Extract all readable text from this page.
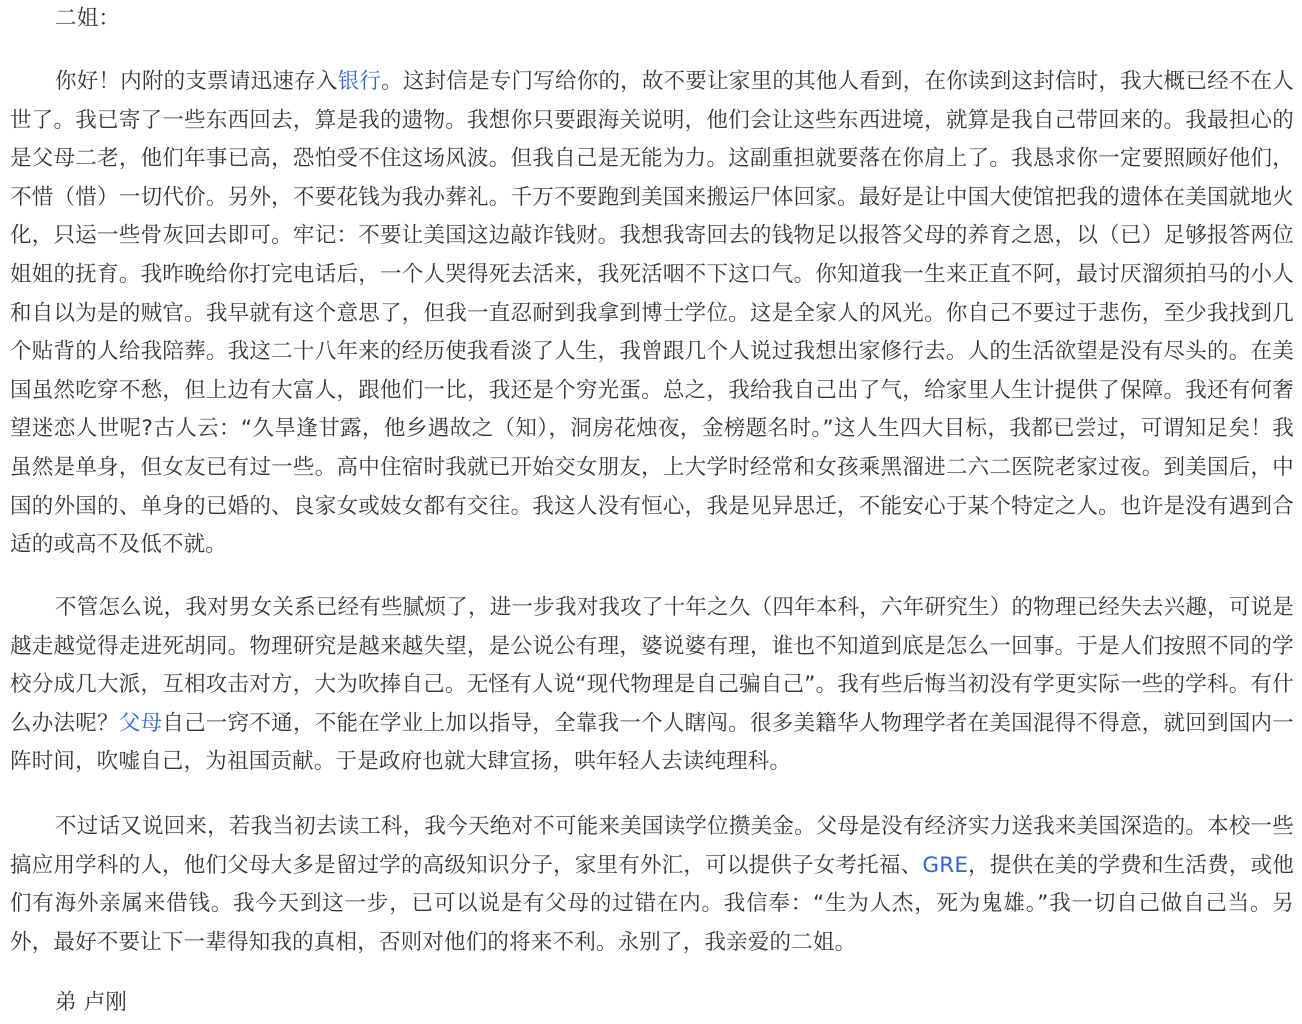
二姐：

你好！内附的支票请迅速存入银行。这封信是专门写给你的，故不要让家里的其他人看到，在你读到这封信时，我大概已经不在人世了。我已寄了一些东西回去，算是我的遗物。我想你只要跟海关说明，他们会让这些东西进境，就算是我自己带回来的。我最担心的是父母二老，他们年事已高，恐怕受不住这场风波。但我自己是无能为力。这副重担就要落在你肩上了。我恳求你一定要照顾好他们，不惜（惜）一切代价。另外，不要花钱为我办葬礼。千万不要跑到美国来搬运尸体回家。最好是让中国大使馆把我的遗体在美国就地火化，只运一些骨灰回去即可。牢记：不要让美国这边敲诈钱财。我想我寄回去的钱物足以报答父母的养育之恩，以（已）足够报答两位姐姐的抚育。我昨晚给你打完电话后，一个人哭得死去活来，我死活咽不下这口气。你知道我一生来正直不阿，最讨厌溜须拍马的小人和自以为是的贼官。我早就有这个意思了，但我一直忍耐到我拿到博士学位。这是全家人的风光。你自己不要过于悲伤，至少我找到几个贴背的人给我陪葬。我这二十八年来的经历使我看淡了人生，我曾跟几个人说过我想出家修行去。人的生活欲望是没有尽头的。在美国虽然吃穿不愁，但上边有大富人，跟他们一比，我还是个穷光蛋。总之，我给我自己出了气，给家里人生计提供了保障。我还有何奢望迷恋人世呢?古人云：“久旱逢甘露，他乡遇故之（知），洞房花烛夜，金榜题名时。”这人生四大目标，我都已尝过，可谓知足矣！我虽然是单身，但女友已有过一些。高中住宿时我就已开始交女朋友，上大学时经常和女孩乘黑溜进二六二医院老家过夜。到美国后，中国的外国的、单身的已婚的、良家女或妓女都有交往。我这人没有恒心，我是见异思迁，不能安心于某个特定之人。也许是没有遇到合适的或高不及低不就。

不管怎么说，我对男女关系已经有些腻烦了，进一步我对我攻了十年之久（四年本科，六年研究生）的物理已经失去兴趣，可说是越走越觉得走进死胡同。物理研究是越来越失望，是公说公有理，婆说婆有理，谁也不知道到底是怎么一回事。于是人们按照不同的学校分成几大派，互相攻击对方，大为吹捧自己。无怪有人说“现代物理是自己骗自己”。我有些后悔当初没有学更实际一些的学科。有什么办法呢？父母自己一窍不通，不能在学业上加以指导，全靠我一个人瞎闯。很多美籍华人物理学者在美国混得不得意，就回到国内一阵时间，吹嘘自己，为祖国贡献。于是政府也就大肆宣扬，哄年轻人去读纯理科。

不过话又说回来，若我当初去读工科，我今天绝对不可能来美国读学位攒美金。父母是没有经济实力送我来美国深造的。本校一些搞应用学科的人，他们父母大多是留过学的高级知识分子，家里有外汇，可以提供子女考托福、GRE，提供在美的学费和生活费，或他们有海外亲属来借钱。我今天到这一步，已可以说是有父母的过错在内。我信奉：“生为人杰，死为鬼雄。”我一切自己做自己当。另外，最好不要让下一辈得知我的真相，否则对他们的将来不利。永别了，我亲爱的二姐。

弟 卢刚
